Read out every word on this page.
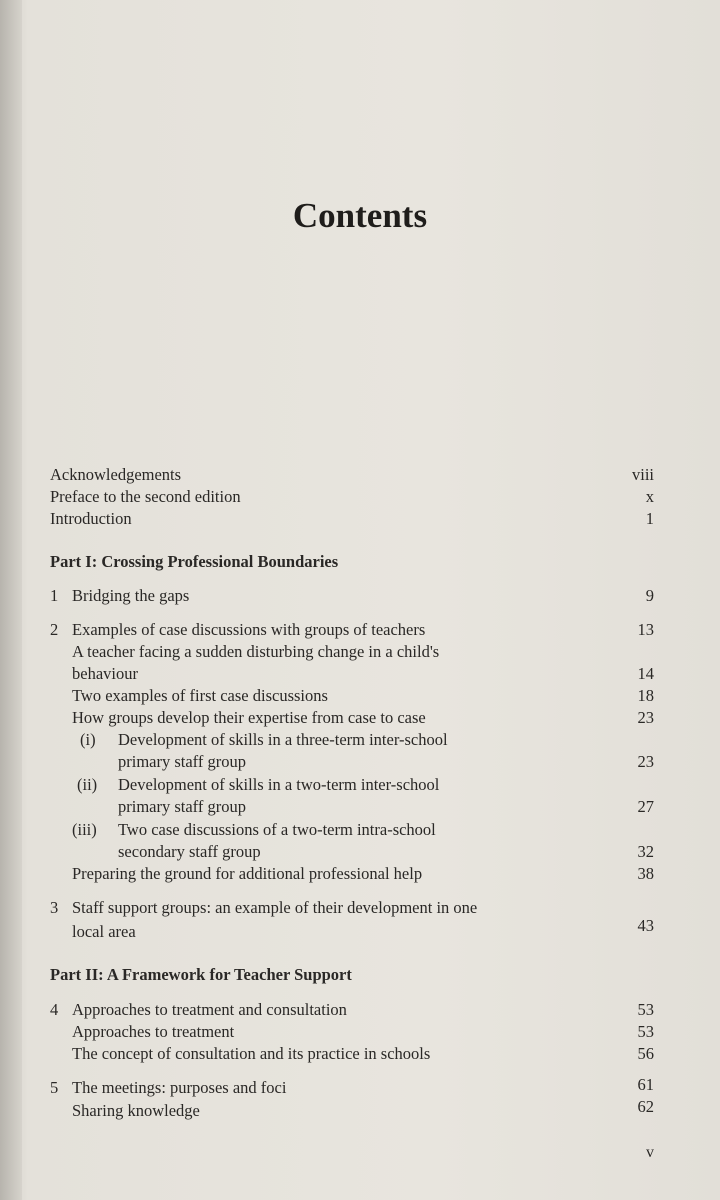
Contents
Acknowledgements	viii
Preface to the second edition	x
Introduction	1
Part I: Crossing Professional Boundaries
1 Bridging the gaps	9
2 Examples of case discussions with groups of teachers	13
A teacher facing a sudden disturbing change in a child's
behaviour	14
Two examples of first case discussions	18
How groups develop their expertise from case to case	23
(i) Development of skills in a three-term inter-school
primary staff group	23
(ii) Development of skills in a two-term inter-school
primary staff group	27
(iii) Two case discussions of a two-term intra-school
secondary staff group	32
Preparing the ground for additional professional help	38
3 Staff support groups: an example of their development in one
local area	43
Part II: A Framework for Teacher Support
4 Approaches to treatment and consultation	53
Approaches to treatment	53
The concept of consultation and its practice in schools	56
5 The meetings: purposes and foci	61
Sharing knowledge	62
v
